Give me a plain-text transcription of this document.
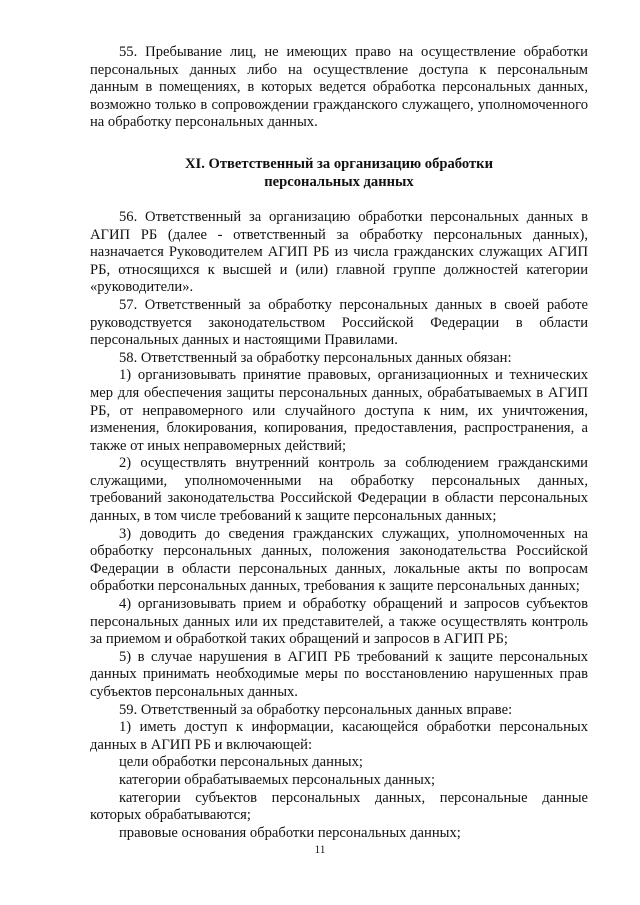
55. Пребывание лиц, не имеющих право на осуществление обработки персональных данных либо на осуществление доступа к персональным данным в помещениях, в которых ведется обработка персональных данных, возможно только в сопровождении гражданского служащего, уполномоченного на обработку персональных данных.

XI. Ответственный за организацию обработки
персональных данных

56. Ответственный за организацию обработки персональных данных в АГИП РБ (далее - ответственный за обработку персональных данных), назначается Руководителем АГИП РБ из числа гражданских служащих АГИП РБ, относящихся к высшей и (или) главной группе должностей категории «руководители».

57. Ответственный за обработку персональных данных в своей работе руководствуется законодательством Российской Федерации в области персональных данных и настоящими Правилами.

58. Ответственный за обработку персональных данных обязан:

1) организовывать принятие правовых, организационных и технических мер для обеспечения защиты персональных данных, обрабатываемых в АГИП РБ, от неправомерного или случайного доступа к ним, их уничтожения, изменения, блокирования, копирования, предоставления, распространения, а также от иных неправомерных действий;

2) осуществлять внутренний контроль за соблюдением гражданскими служащими, уполномоченными на обработку персональных данных, требований законодательства Российской Федерации в области персональных данных, в том числе требований к защите персональных данных;

3) доводить до сведения гражданских служащих, уполномоченных на обработку персональных данных, положения законодательства Российской Федерации в области персональных данных, локальные акты по вопросам обработки персональных данных, требования к защите персональных данных;

4) организовывать прием и обработку обращений и запросов субъектов персональных данных или их представителей, а также осуществлять контроль за приемом и обработкой таких обращений и запросов в АГИП РБ;

5) в случае нарушения в АГИП РБ требований к защите персональных данных принимать необходимые меры по восстановлению нарушенных прав субъектов персональных данных.

59. Ответственный за обработку персональных данных вправе:

1) иметь доступ к информации, касающейся обработки персональных данных в АГИП РБ и включающей:

цели обработки персональных данных;

категории обрабатываемых персональных данных;

категории субъектов персональных данных, персональные данные которых обрабатываются;

правовые основания обработки персональных данных;

11
